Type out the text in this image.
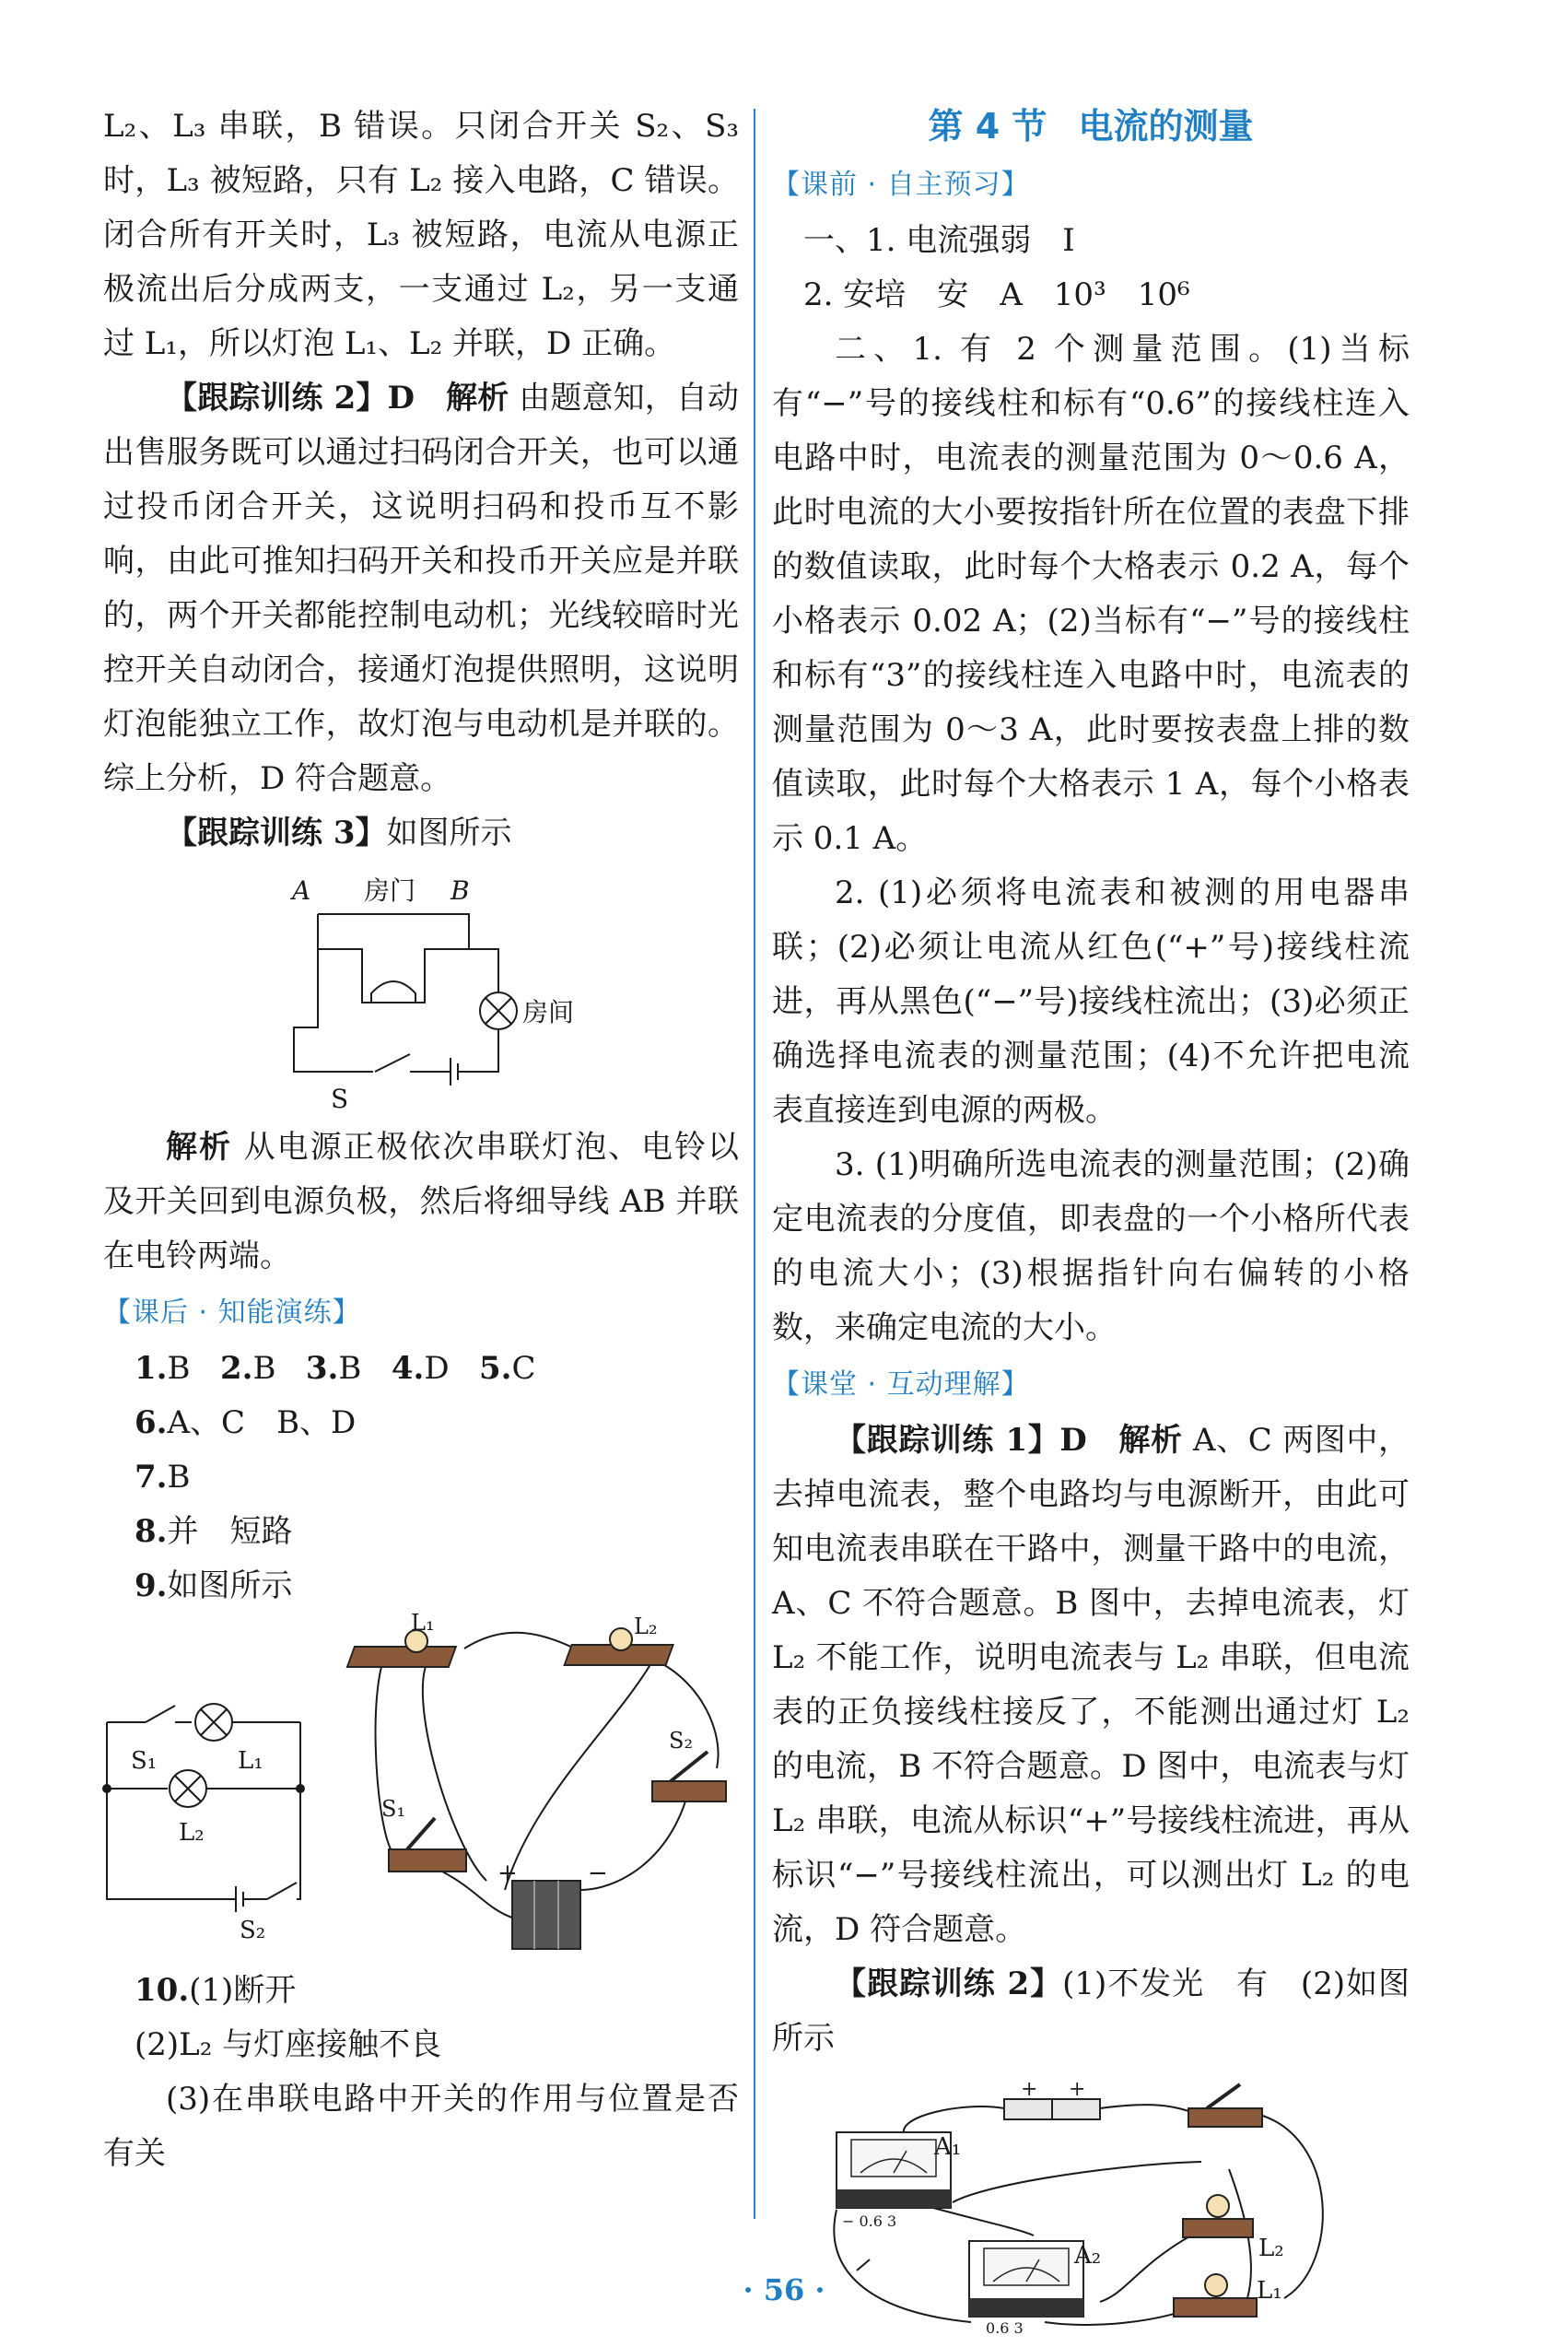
L₂、L₃ 串联，B 错误。只闭合开关 S₂、S₃ 时，L₃ 被短路，只有 L₂ 接入电路，C 错误。闭合所有开关时，L₃ 被短路，电流从电源正极流出后分成两支，一支通过 L₂，另一支通过 L₁，所以灯泡 L₁、L₂ 并联，D 正确。

【跟踪训练 2】D 解析 由题意知，自动出售服务既可以通过扫码闭合开关，也可以通过投币闭合开关，这说明扫码和投币互不影响，由此可推知扫码开关和投币开关应是并联的，两个开关都能控制电动机；光线较暗时光控开关自动闭合，接通灯泡提供照明，这说明灯泡能独立工作，故灯泡与电动机是并联的。综上分析，D 符合题意。

【跟踪训练 3】如图所示

A 房门 B
房间
S

解析 从电源正极依次串联灯泡、电铃以及开关回到电源负极，然后将细导线 AB 并联在电铃两端。

【课后 · 知能演练】

1.B 2.B 3.B 4.D 5.C

6.A、C　B、D

7.B

8.并　短路

9.如图所示

S₁	L₁
L₂
S₂
L₁	L₂
S₂
S₁
+	−

10.(1)断开

(2)L₂ 与灯座接触不良

(3)在串联电路中开关的作用与位置是否有关

第 4 节 电流的测量
【课前 · 自主预习】

一、1. 电流强弱　I

2. 安培　安　A　10³　10⁶

二、1. 有 2 个测量范围。(1)当标有“−”号的接线柱和标有“0.6”的接线柱连入电路中时，电流表的测量范围为 0～0.6 A，此时电流的大小要按指针所在位置的表盘下排的数值读取，此时每个大格表示 0.2 A，每个小格表示 0.02 A；(2)当标有“−”号的接线柱和标有“3”的接线柱连入电路中时，电流表的测量范围为 0～3 A，此时要按表盘上排的数值读取，此时每个大格表示 1 A，每个小格表示 0.1 A。

2. (1)必须将电流表和被测的用电器串联；(2)必须让电流从红色(“+”号)接线柱流进，再从黑色(“−”号)接线柱流出；(3)必须正确选择电流表的测量范围；(4)不允许把电流表直接连到电源的两极。

3. (1)明确所选电流表的测量范围；(2)确定电流表的分度值，即表盘的一个小格所代表的电流大小；(3)根据指针向右偏转的小格数，来确定电流的大小。

【课堂 · 互动理解】

【跟踪训练 1】D 解析 A、C 两图中，去掉电流表，整个电路均与电源断开，由此可知电流表串联在干路中，测量干路中的电流，A、C 不符合题意。B 图中，去掉电流表，灯 L₂ 不能工作，说明电流表与 L₂ 串联，但电流表的正负接线柱接反了，不能测出通过灯 L₂ 的电流，B 不符合题意。D 图中，电流表与灯 L₂ 串联，电流从标识“+”号接线柱流进，再从标识“−”号接线柱流出，可以测出灯 L₂ 的电流，D 符合题意。

【跟踪训练 2】(1)不发光　有　(2)如图所示

+ +
A₁
A₂	L₂
L₁
− 0.6 3
0.6 3
· 56 ·
